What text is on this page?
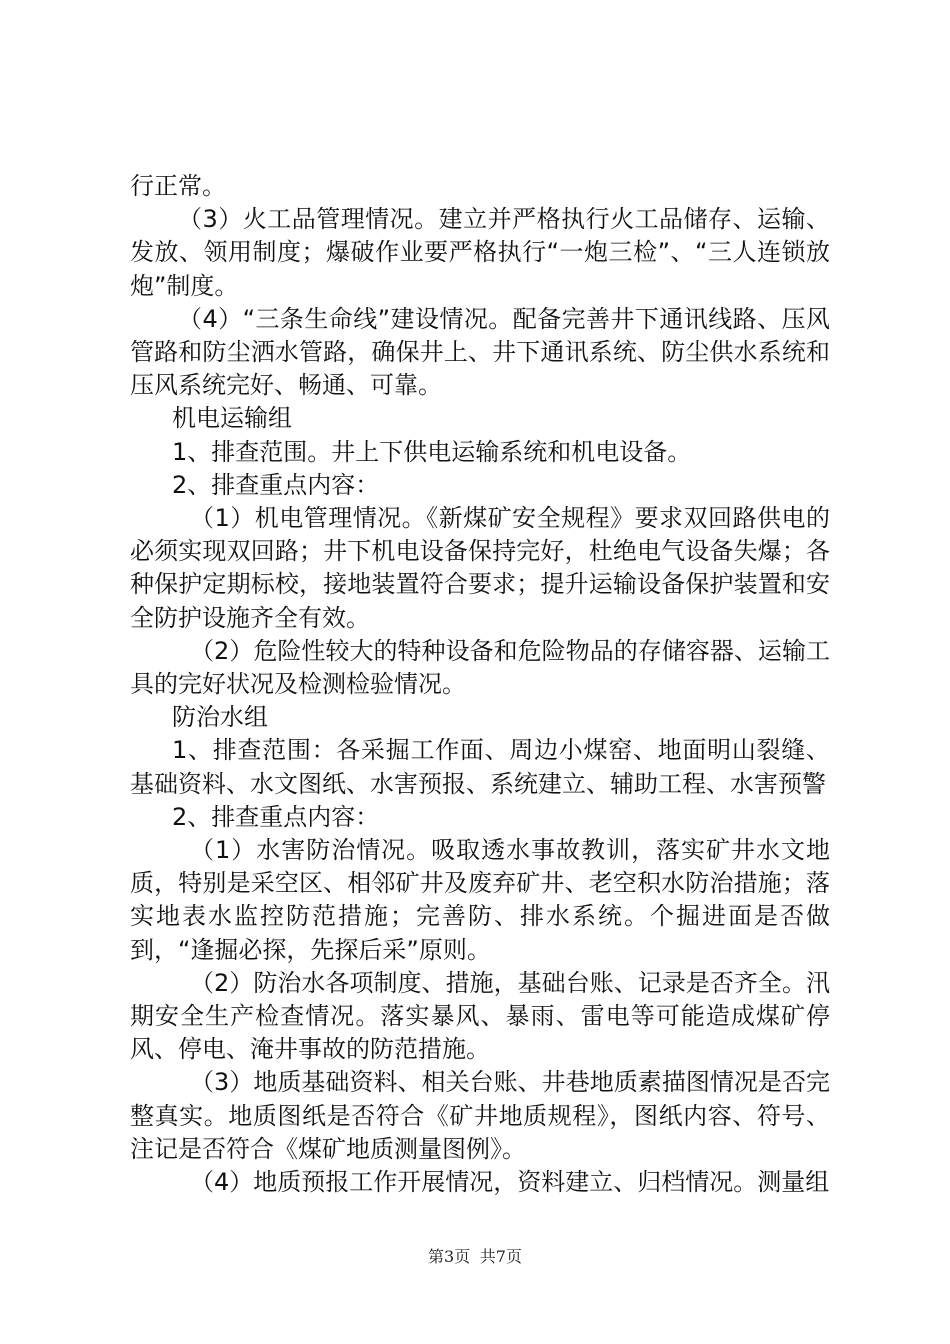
行正常。

（3）火工品管理情况。建立并严格执行火工品储存、运输、发放、领用制度；爆破作业要严格执行“一炮三检”、“三人连锁放炮”制度。

（4）“三条生命线”建设情况。配备完善井下通讯线路、压风管路和防尘洒水管路，确保井上、井下通讯系统、防尘供水系统和压风系统完好、畅通、可靠。

机电运输组

1、排查范围。井上下供电运输系统和机电设备。

2、排查重点内容：

（1）机电管理情况。《新煤矿安全规程》要求双回路供电的必须实现双回路；井下机电设备保持完好，杜绝电气设备失爆；各种保护定期标校，接地装置符合要求；提升运输设备保护装置和安全防护设施齐全有效。

（2）危险性较大的特种设备和危险物品的存储容器、运输工具的完好状况及检测检验情况。

防治水组

1、排查范围：各采掘工作面、周边小煤窑、地面明山裂缝、基础资料、水文图纸、水害预报、系统建立、辅助工程、水害预警

2、排查重点内容：

（1）水害防治情况。吸取透水事故教训，落实矿井水文地质，特别是采空区、相邻矿井及废弃矿井、老空积水防治措施；落实地表水监控防范措施；完善防、排水系统。个掘进面是否做到，“逢掘必探，先探后采”原则。

（2）防治水各项制度、措施，基础台账、记录是否齐全。汛期安全生产检查情况。落实暴风、暴雨、雷电等可能造成煤矿停风、停电、淹井事故的防范措施。

（3）地质基础资料、相关台账、井巷地质素描图情况是否完整真实。地质图纸是否符合《矿井地质规程》，图纸内容、符号、注记是否符合《煤矿地质测量图例》。

（4）地质预报工作开展情况，资料建立、归档情况。测量组

第3页 共7页
